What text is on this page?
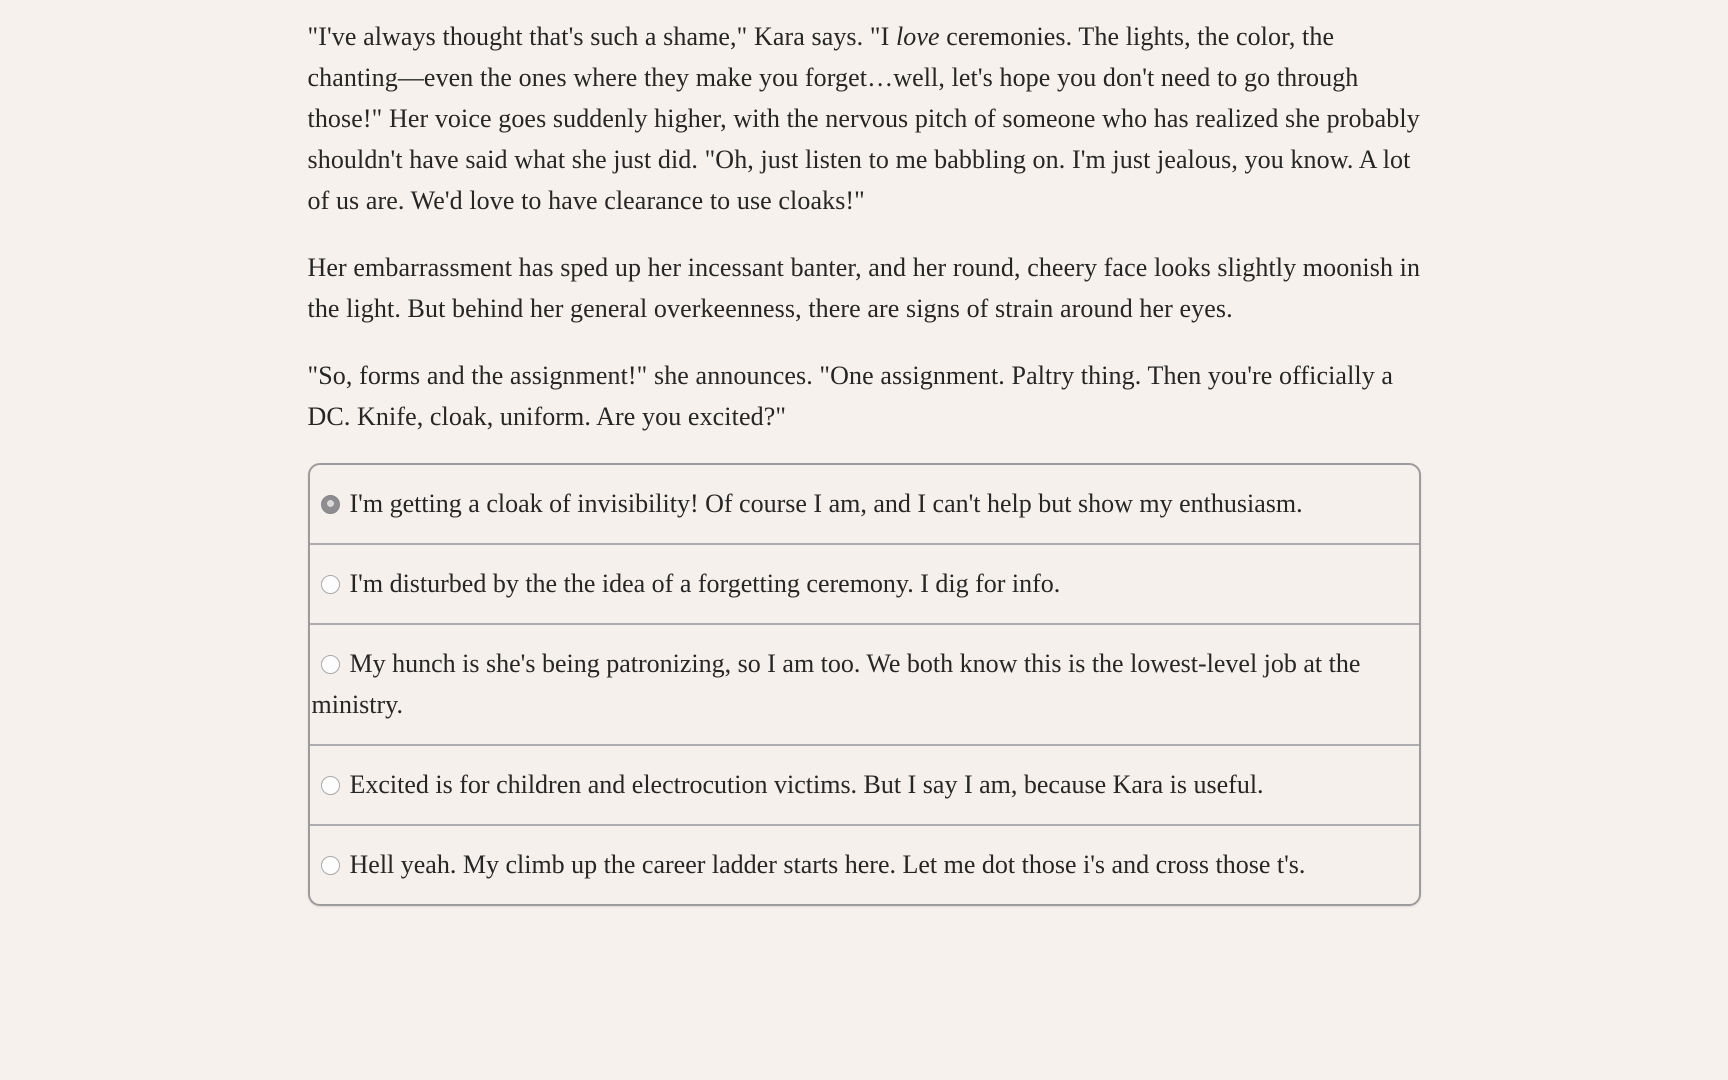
"I've always thought that's such a shame," Kara says. "I love ceremonies. The lights, the color, the chanting—even the ones where they make you forget…well, let's hope you don't need to go through those!" Her voice goes suddenly higher, with the nervous pitch of someone who has realized she probably shouldn't have said what she just did. "Oh, just listen to me babbling on. I'm just jealous, you know. A lot of us are. We'd love to have clearance to use cloaks!"

Her embarrassment has sped up her incessant banter, and her round, cheery face looks slightly moonish in the light. But behind her general overkeenness, there are signs of strain around her eyes.

"So, forms and the assignment!" she announces. "One assignment. Paltry thing. Then you're officially a DC. Knife, cloak, uniform. Are you excited?"

I'm getting a cloak of invisibility! Of course I am, and I can't help but show my enthusiasm.
I'm disturbed by the the idea of a forgetting ceremony. I dig for info.
My hunch is she's being patronizing, so I am too. We both know this is the lowest-level job at the ministry.
Excited is for children and electrocution victims. But I say I am, because Kara is useful.
Hell yeah. My climb up the career ladder starts here. Let me dot those i's and cross those t's.
